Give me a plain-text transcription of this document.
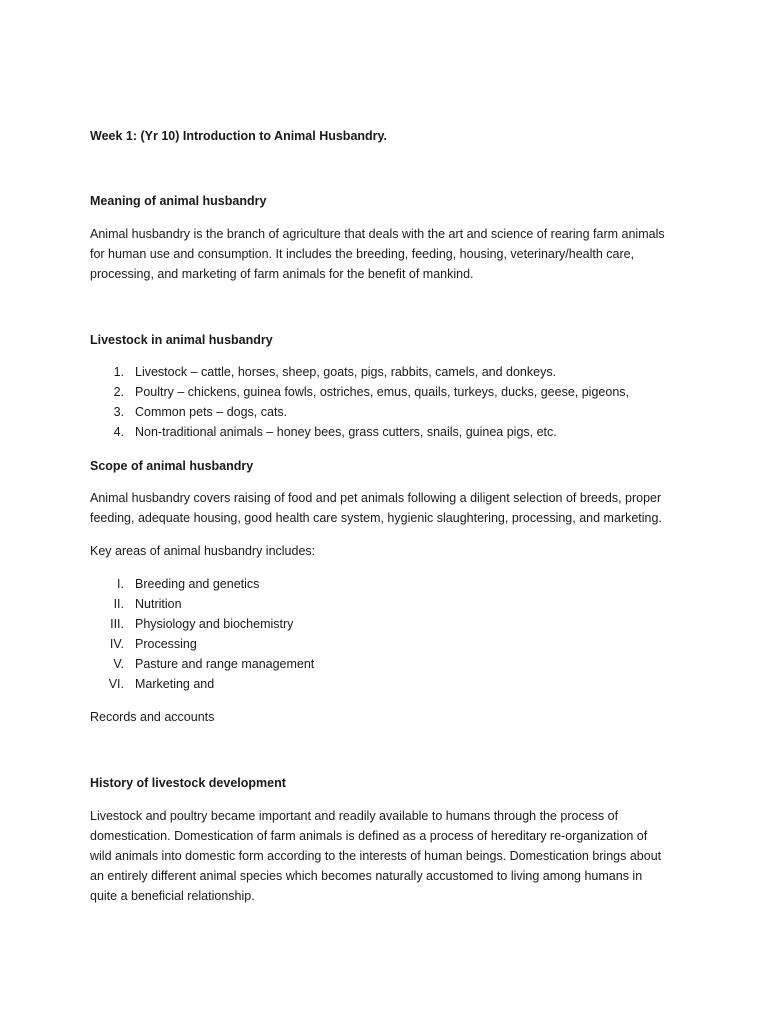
Week 1: (Yr 10) Introduction to Animal Husbandry.
Meaning of animal husbandry
Animal husbandry is the branch of agriculture that deals with the art and science of rearing farm animals
for human use and consumption. It includes the breeding, feeding, housing, veterinary/health care,
processing, and marketing of farm animals for the benefit of mankind.
Livestock in animal husbandry
1. Livestock – cattle, horses, sheep, goats, pigs, rabbits, camels, and donkeys.
2. Poultry – chickens, guinea fowls, ostriches, emus, quails, turkeys, ducks, geese, pigeons,
3. Common pets – dogs, cats.
4. Non-traditional animals – honey bees, grass cutters, snails, guinea pigs, etc.
Scope of animal husbandry
Animal husbandry covers raising of food and pet animals following a diligent selection of breeds, proper
feeding, adequate housing, good health care system, hygienic slaughtering, processing, and marketing.
Key areas of animal husbandry includes:
I. Breeding and genetics
II. Nutrition
III. Physiology and biochemistry
IV. Processing
V. Pasture and range management
VI. Marketing and
Records and accounts
History of livestock development
Livestock and poultry became important and readily available to humans through the process of
domestication. Domestication of farm animals is defined as a process of hereditary re-organization of
wild animals into domestic form according to the interests of human beings. Domestication brings about
an entirely different animal species which becomes naturally accustomed to living among humans in
quite a beneficial relationship.
